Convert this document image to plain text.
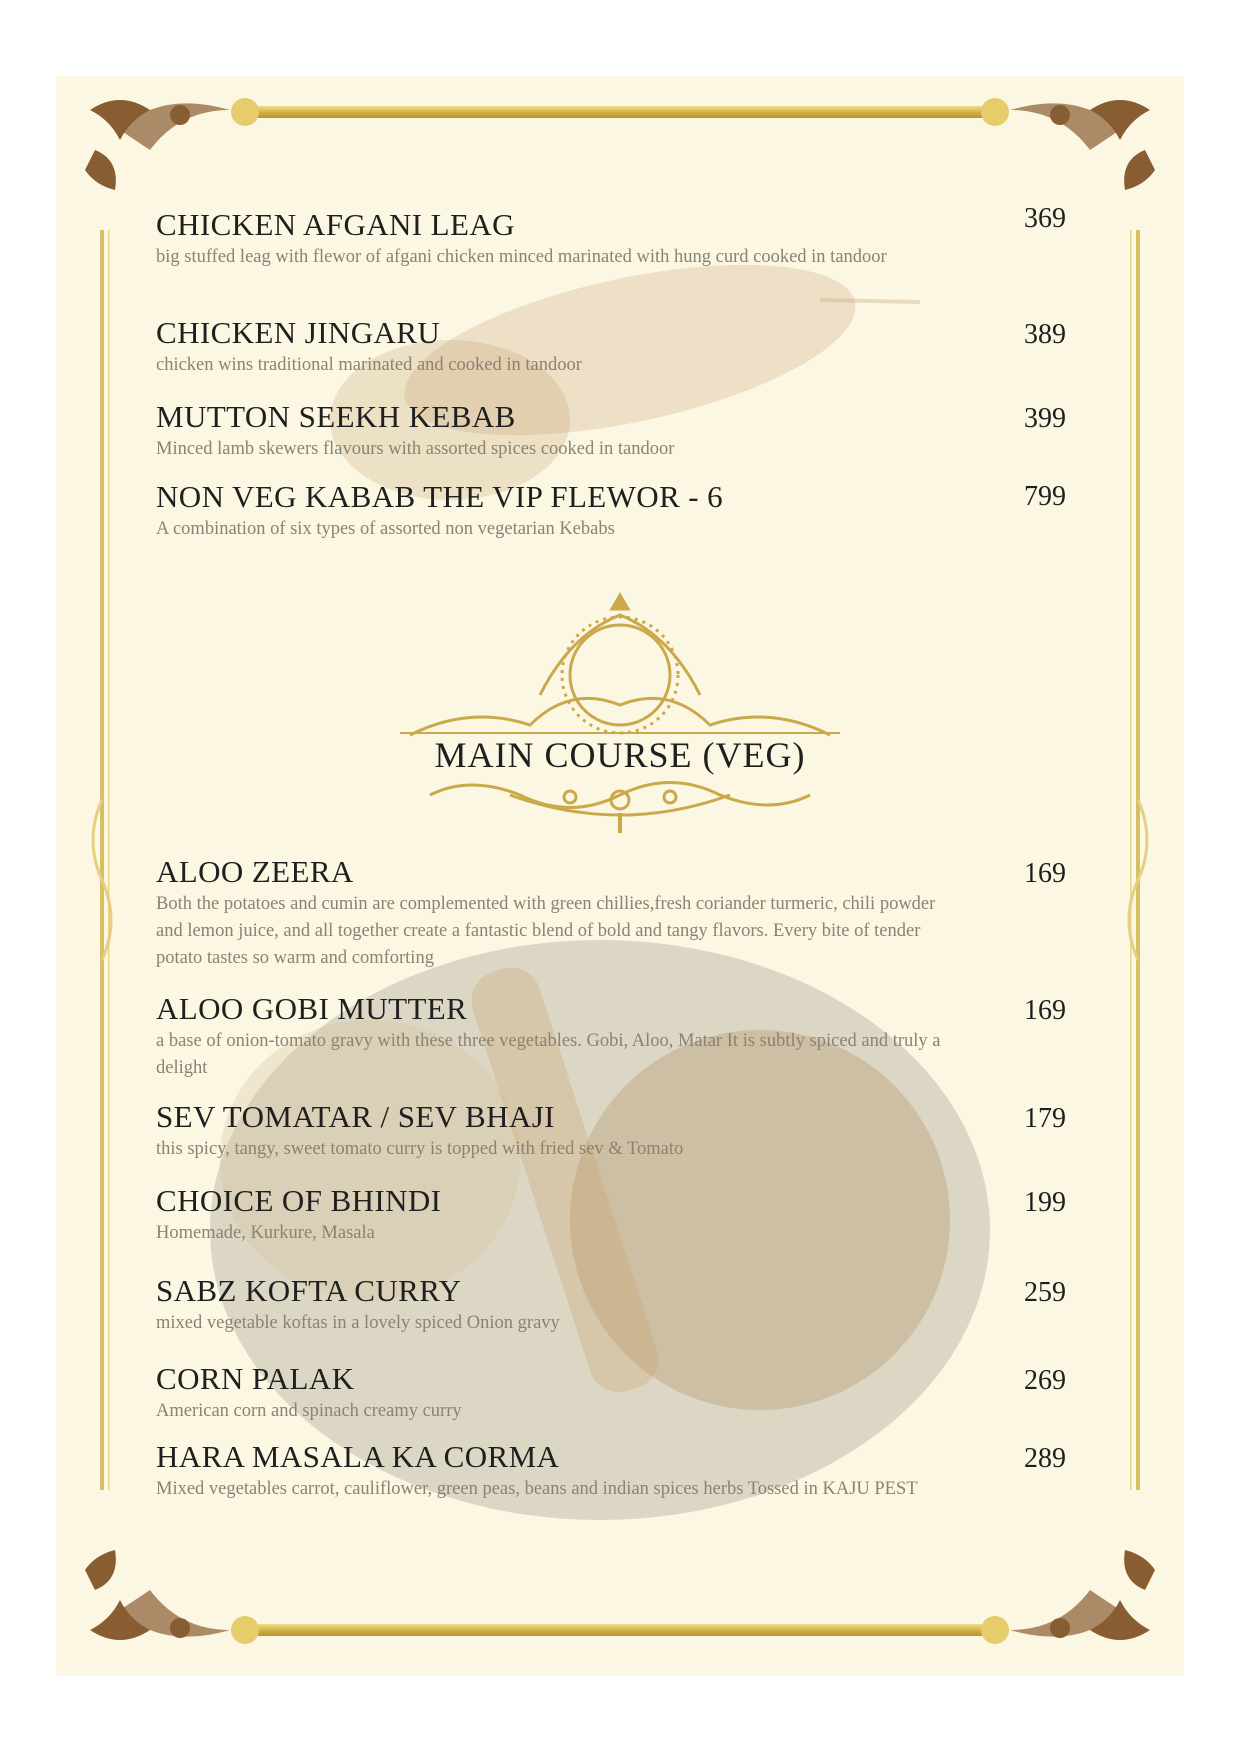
CHICKEN AFGANI LEAG
big stuffed leag with flewor of afgani chicken minced marinated with hung curd cooked in tandoor
369
CHICKEN JINGARU
chicken wins traditional marinated and cooked in tandoor
389
MUTTON SEEKH KEBAB
Minced lamb skewers flavours with assorted spices cooked in tandoor
399
NON VEG KABAB THE VIP FLEWOR - 6
A combination of six types of assorted non vegetarian Kebabs
799
MAIN COURSE (VEG)
ALOO ZEERA
Both the potatoes and cumin are complemented with green chillies,fresh coriander turmeric, chili powder and lemon juice, and all together create a fantastic blend of bold and tangy flavors. Every bite of tender potato tastes so warm and comforting
169
ALOO GOBI MUTTER
a base of onion-tomato gravy with these three vegetables. Gobi, Aloo, Matar It is subtly spiced and truly a delight
169
SEV TOMATAR / SEV BHAJI
this spicy, tangy, sweet tomato curry is topped with fried sev & Tomato
179
CHOICE OF BHINDI
Homemade, Kurkure, Masala
199
SABZ KOFTA CURRY
mixed vegetable koftas in a lovely spiced Onion gravy
259
CORN PALAK
American corn and spinach creamy curry
269
HARA MASALA KA CORMA
Mixed vegetables carrot, cauliflower, green peas, beans and indian spices herbs Tossed in KAJU PEST
289
